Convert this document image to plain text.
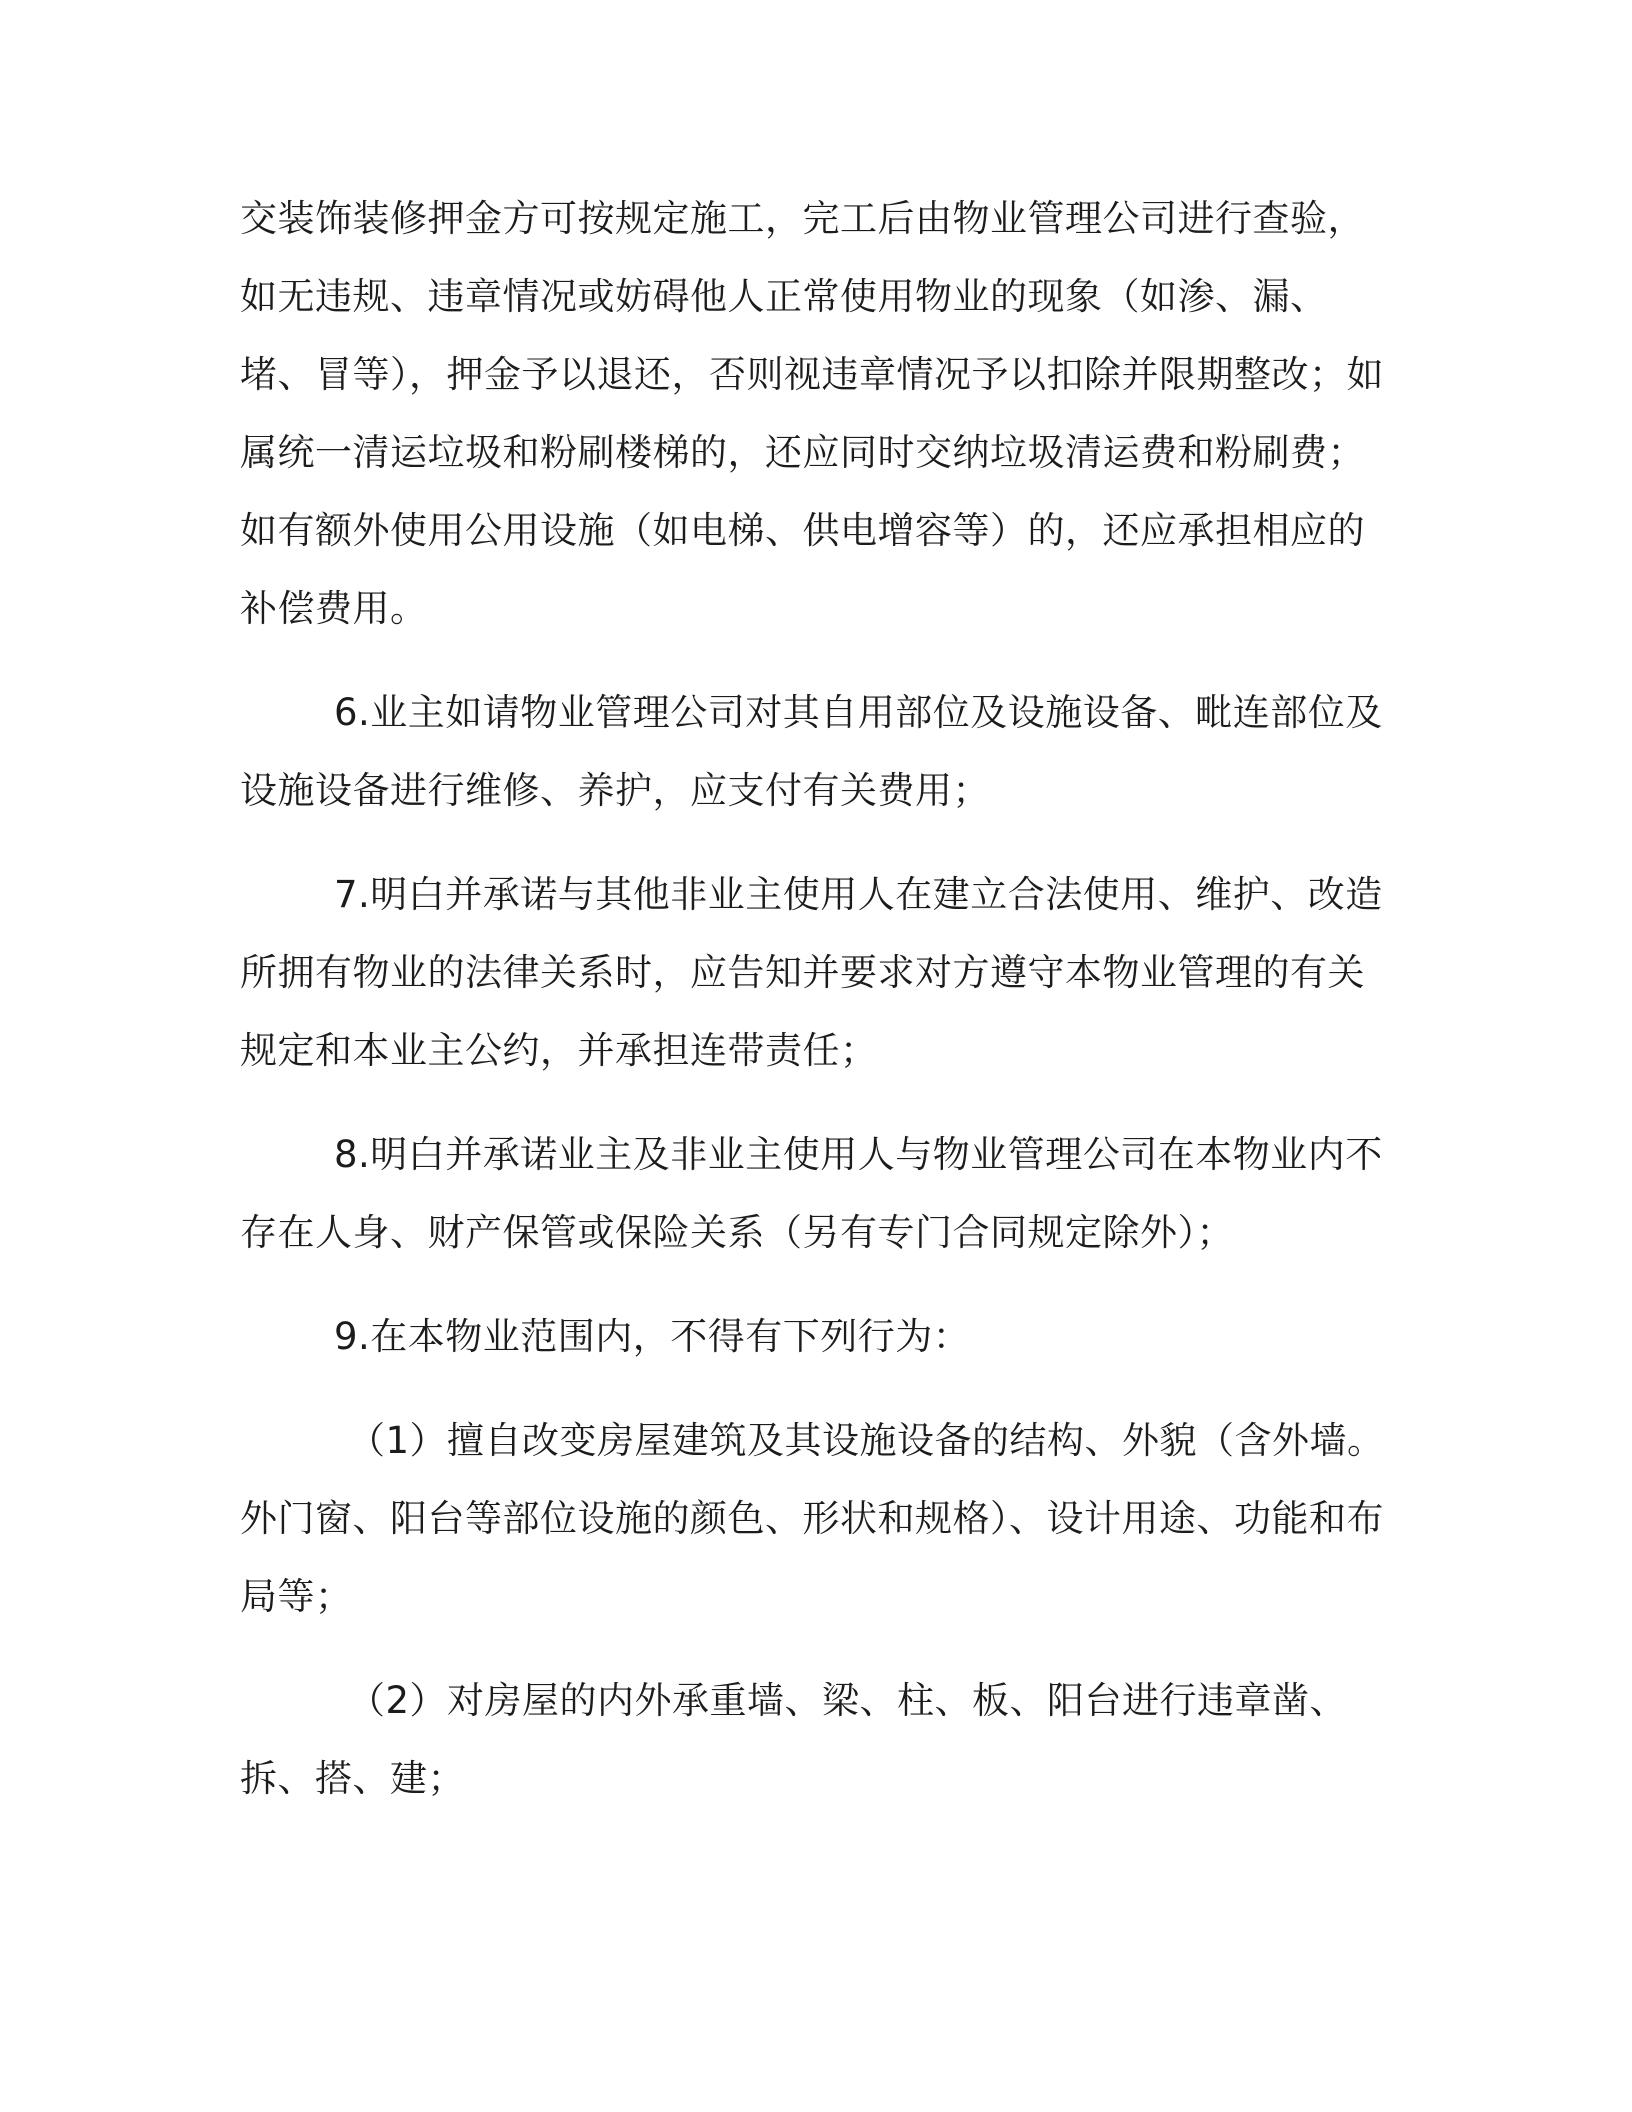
交装饰装修押金方可按规定施工，完工后由物业管理公司进行查验，如无违规、违章情况或妨碍他人正常使用物业的现象（如渗、漏、堵、冒等），押金予以退还，否则视违章情况予以扣除并限期整改；如属统一清运垃圾和粉刷楼梯的，还应同时交纳垃圾清运费和粉刷费；如有额外使用公用设施（如电梯、供电增容等）的，还应承担相应的补偿费用。

6.业主如请物业管理公司对其自用部位及设施设备、毗连部位及设施设备进行维修、养护，应支付有关费用；

7.明白并承诺与其他非业主使用人在建立合法使用、维护、改造所拥有物业的法律关系时，应告知并要求对方遵守本物业管理的有关规定和本业主公约，并承担连带责任；

8.明白并承诺业主及非业主使用人与物业管理公司在本物业内不存在人身、财产保管或保险关系（另有专门合同规定除外）；

9.在本物业范围内，不得有下列行为：

（1）擅自改变房屋建筑及其设施设备的结构、外貌（含外墙。外门窗、阳台等部位设施的颜色、形状和规格）、设计用途、功能和布局等；

（2）对房屋的内外承重墙、梁、柱、板、阳台进行违章凿、拆、搭、建；
